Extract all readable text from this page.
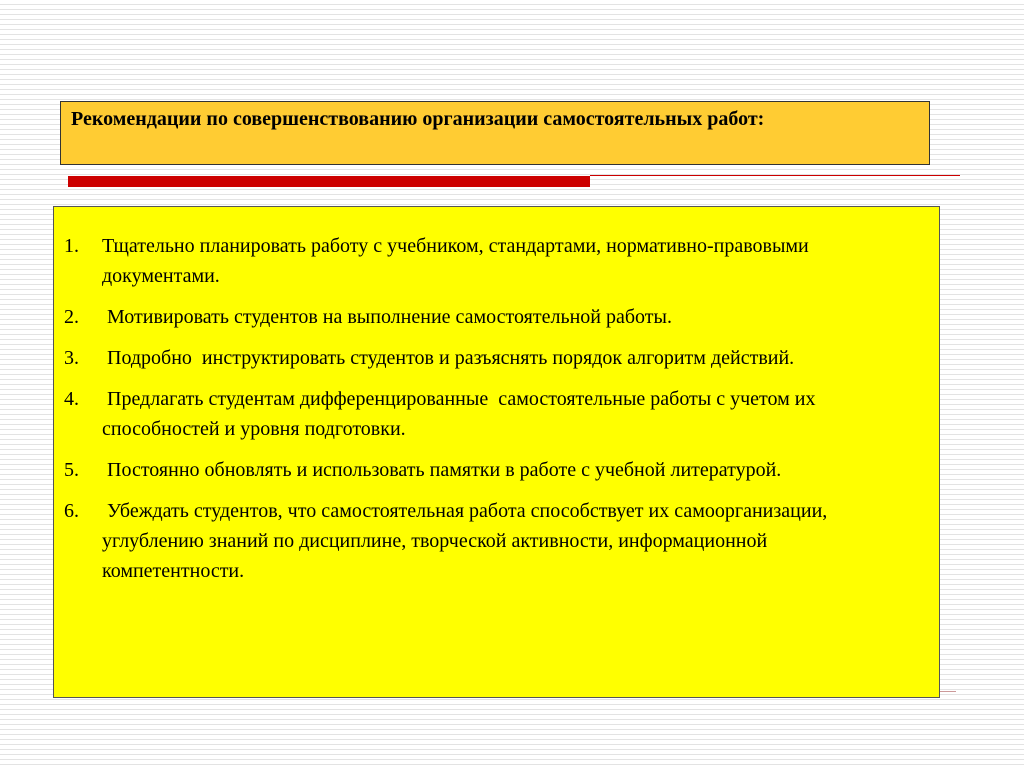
Рекомендации по совершенствованию организации самостоятельных работ:
1.	Тщательно планировать работу с учебником, стандартами, нормативно-правовыми документами.
2.	Мотивировать студентов на выполнение самостоятельной работы.
3.	Подробно  инструктировать студентов и разъяснять порядок алгоритм действий.
4.	Предлагать студентам дифференцированные  самостоятельные работы с учетом их способностей и уровня подготовки.
5.	Постоянно обновлять и использовать памятки в работе с учебной литературой.
6.	Убеждать студентов, что самостоятельная работа способствует их самоорганизации, углублению знаний по дисциплине, творческой активности, информационной компетентности.
